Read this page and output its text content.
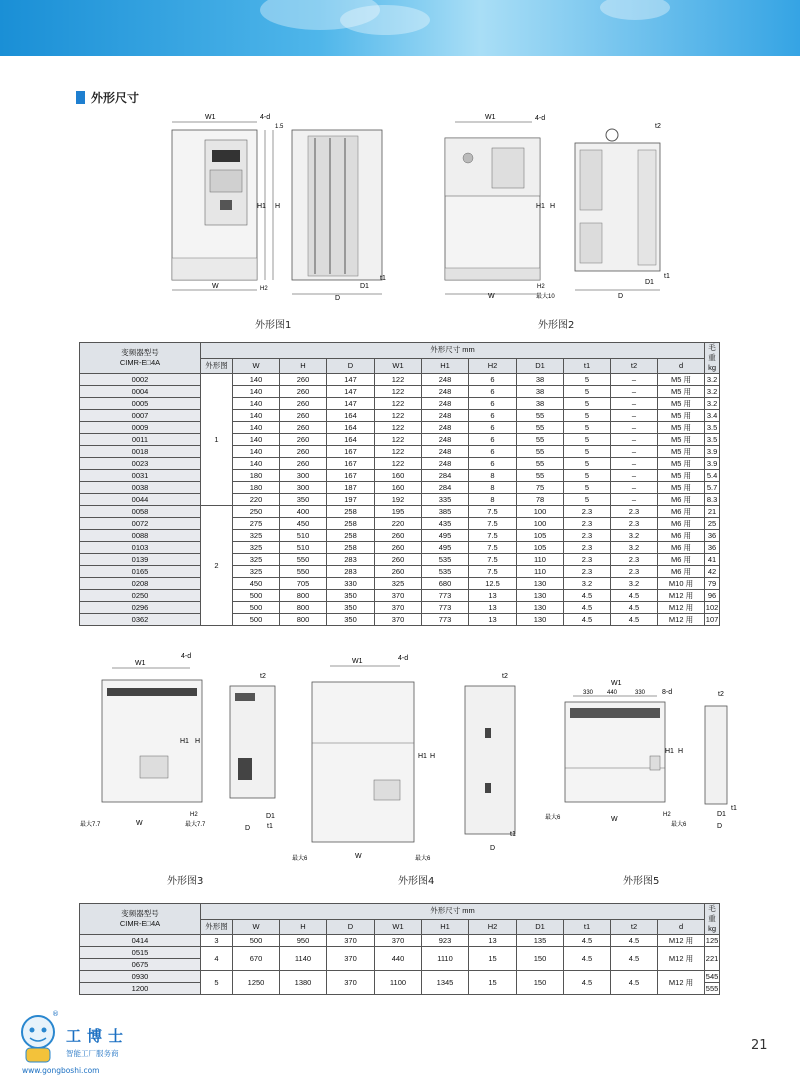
外形尺寸
W1	4-d
1.5
H1 H
H2
W
D
D1
t1
外形图1
W1	4-d
H1 H
H2
最大10
W
t2
D
D1
t1
外形图2
变频器型号
CIMR-E□4A	外形尺寸 mm											毛重
kg
	外形图	W	H	D	W1	H1	H2	D1	t1	t2	d	
0002	1	140	260	147	122	248	6	38	5	–	M5 用	3.2
0004		140	260	147	122	248	6	38	5	–	M5 用	3.2
0005		140	260	147	122	248	6	38	5	–	M5 用	3.2
0007		140	260	164	122	248	6	55	5	–	M5 用	3.4
0009		140	260	164	122	248	6	55	5	–	M5 用	3.5
0011		140	260	164	122	248	6	55	5	–	M5 用	3.5
0018		140	260	167	122	248	6	55	5	–	M5 用	3.9
0023		140	260	167	122	248	6	55	5	–	M5 用	3.9
0031		180	300	167	160	284	8	55	5	–	M5 用	5.4
0038		180	300	187	160	284	8	75	5	–	M5 用	5.7
0044		220	350	197	192	335	8	78	5	–	M6 用	8.3
0058	2	250	400	258	195	385	7.5	100	2.3	2.3	M6 用	21
0072		275	450	258	220	435	7.5	100	2.3	2.3	M6 用	25
0088		325	510	258	260	495	7.5	105	2.3	3.2	M6 用	36
0103		325	510	258	260	495	7.5	105	2.3	3.2	M6 用	36
0139		325	550	283	260	535	7.5	110	2.3	2.3	M6 用	41
0165		325	550	283	260	535	7.5	110	2.3	2.3	M6 用	42
0208		450	705	330	325	680	12.5	130	3.2	3.2	M10 用	79
0250		500	800	350	370	773	13	130	4.5	4.5	M12 用	96
0296		500	800	350	370	773	13	130	4.5	4.5	M12 用	102
0362		500	800	350	370	773	13	130	4.5	4.5	M12 用	107
W1
4-d
H1 H
H2
最大7.7	最大7.7
W
t2
D1
t1
D
外形图3
W1	4-d
H1 H
最大6	最大6
W
t2
t1
D
外形图4
330 440	330
W1
8-d
H1 H
H2
最大6
最大6
W
t2
D1
t1
D
外形图5
变频器型号
CIMR-E□4A	外形尺寸 mm											毛重
kg
	外形图	W	H	D	W1	H1	H2	D1	t1	t2	d	
0414	3	500	950	370	370	923	13	135	4.5	4.5	M12 用	125
0515	4	670	1140	370	440	1110	15	150	4.5	4.5	M12 用	221
0675												
0930	5	1250	1380	370	1100	1345	15	150	4.5	4.5	M12 用	545
1200												555
®
工博士
智能工厂服务商
www.gongboshi.com
21
